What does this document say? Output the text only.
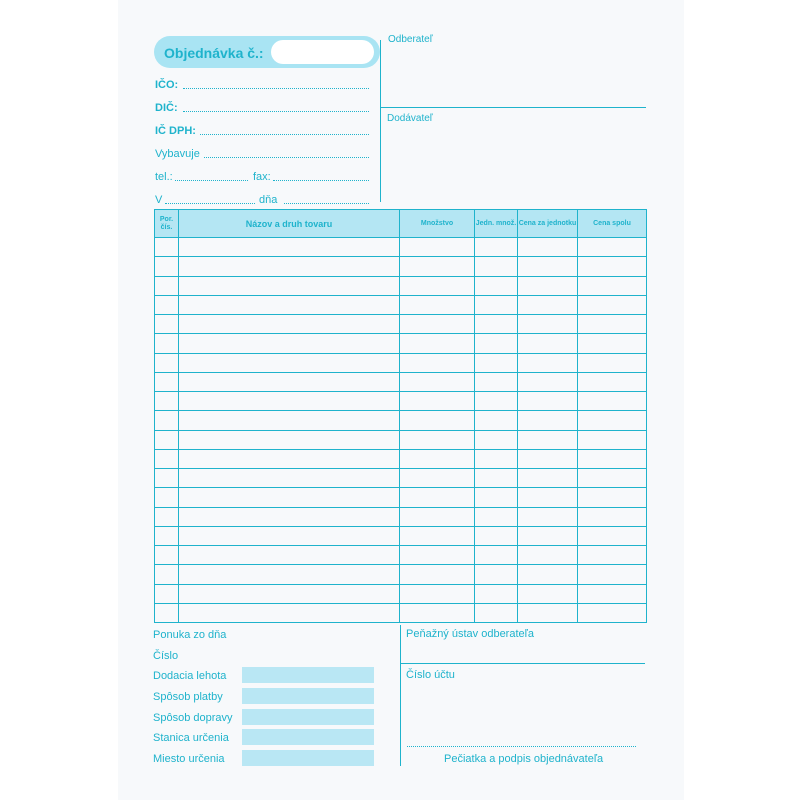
Objednávka č.:
IČO:
DIČ:
IČ DPH:
Vybavuje
tel.:	fax:
V	dňa
Odberateľ
Dodávateľ
Por. čís.	Názov a druh tovaru	Množstvo	Jedn. množ.	Cena za jednotku	Cena spolu

Ponuka zo dňa
Číslo
Dodacia lehota
Spôsob platby
Spôsob dopravy
Stanica určenia
Miesto určenia
Peňažný ústav odberateľa
Číslo účtu
Pečiatka a podpis objednávateľa
